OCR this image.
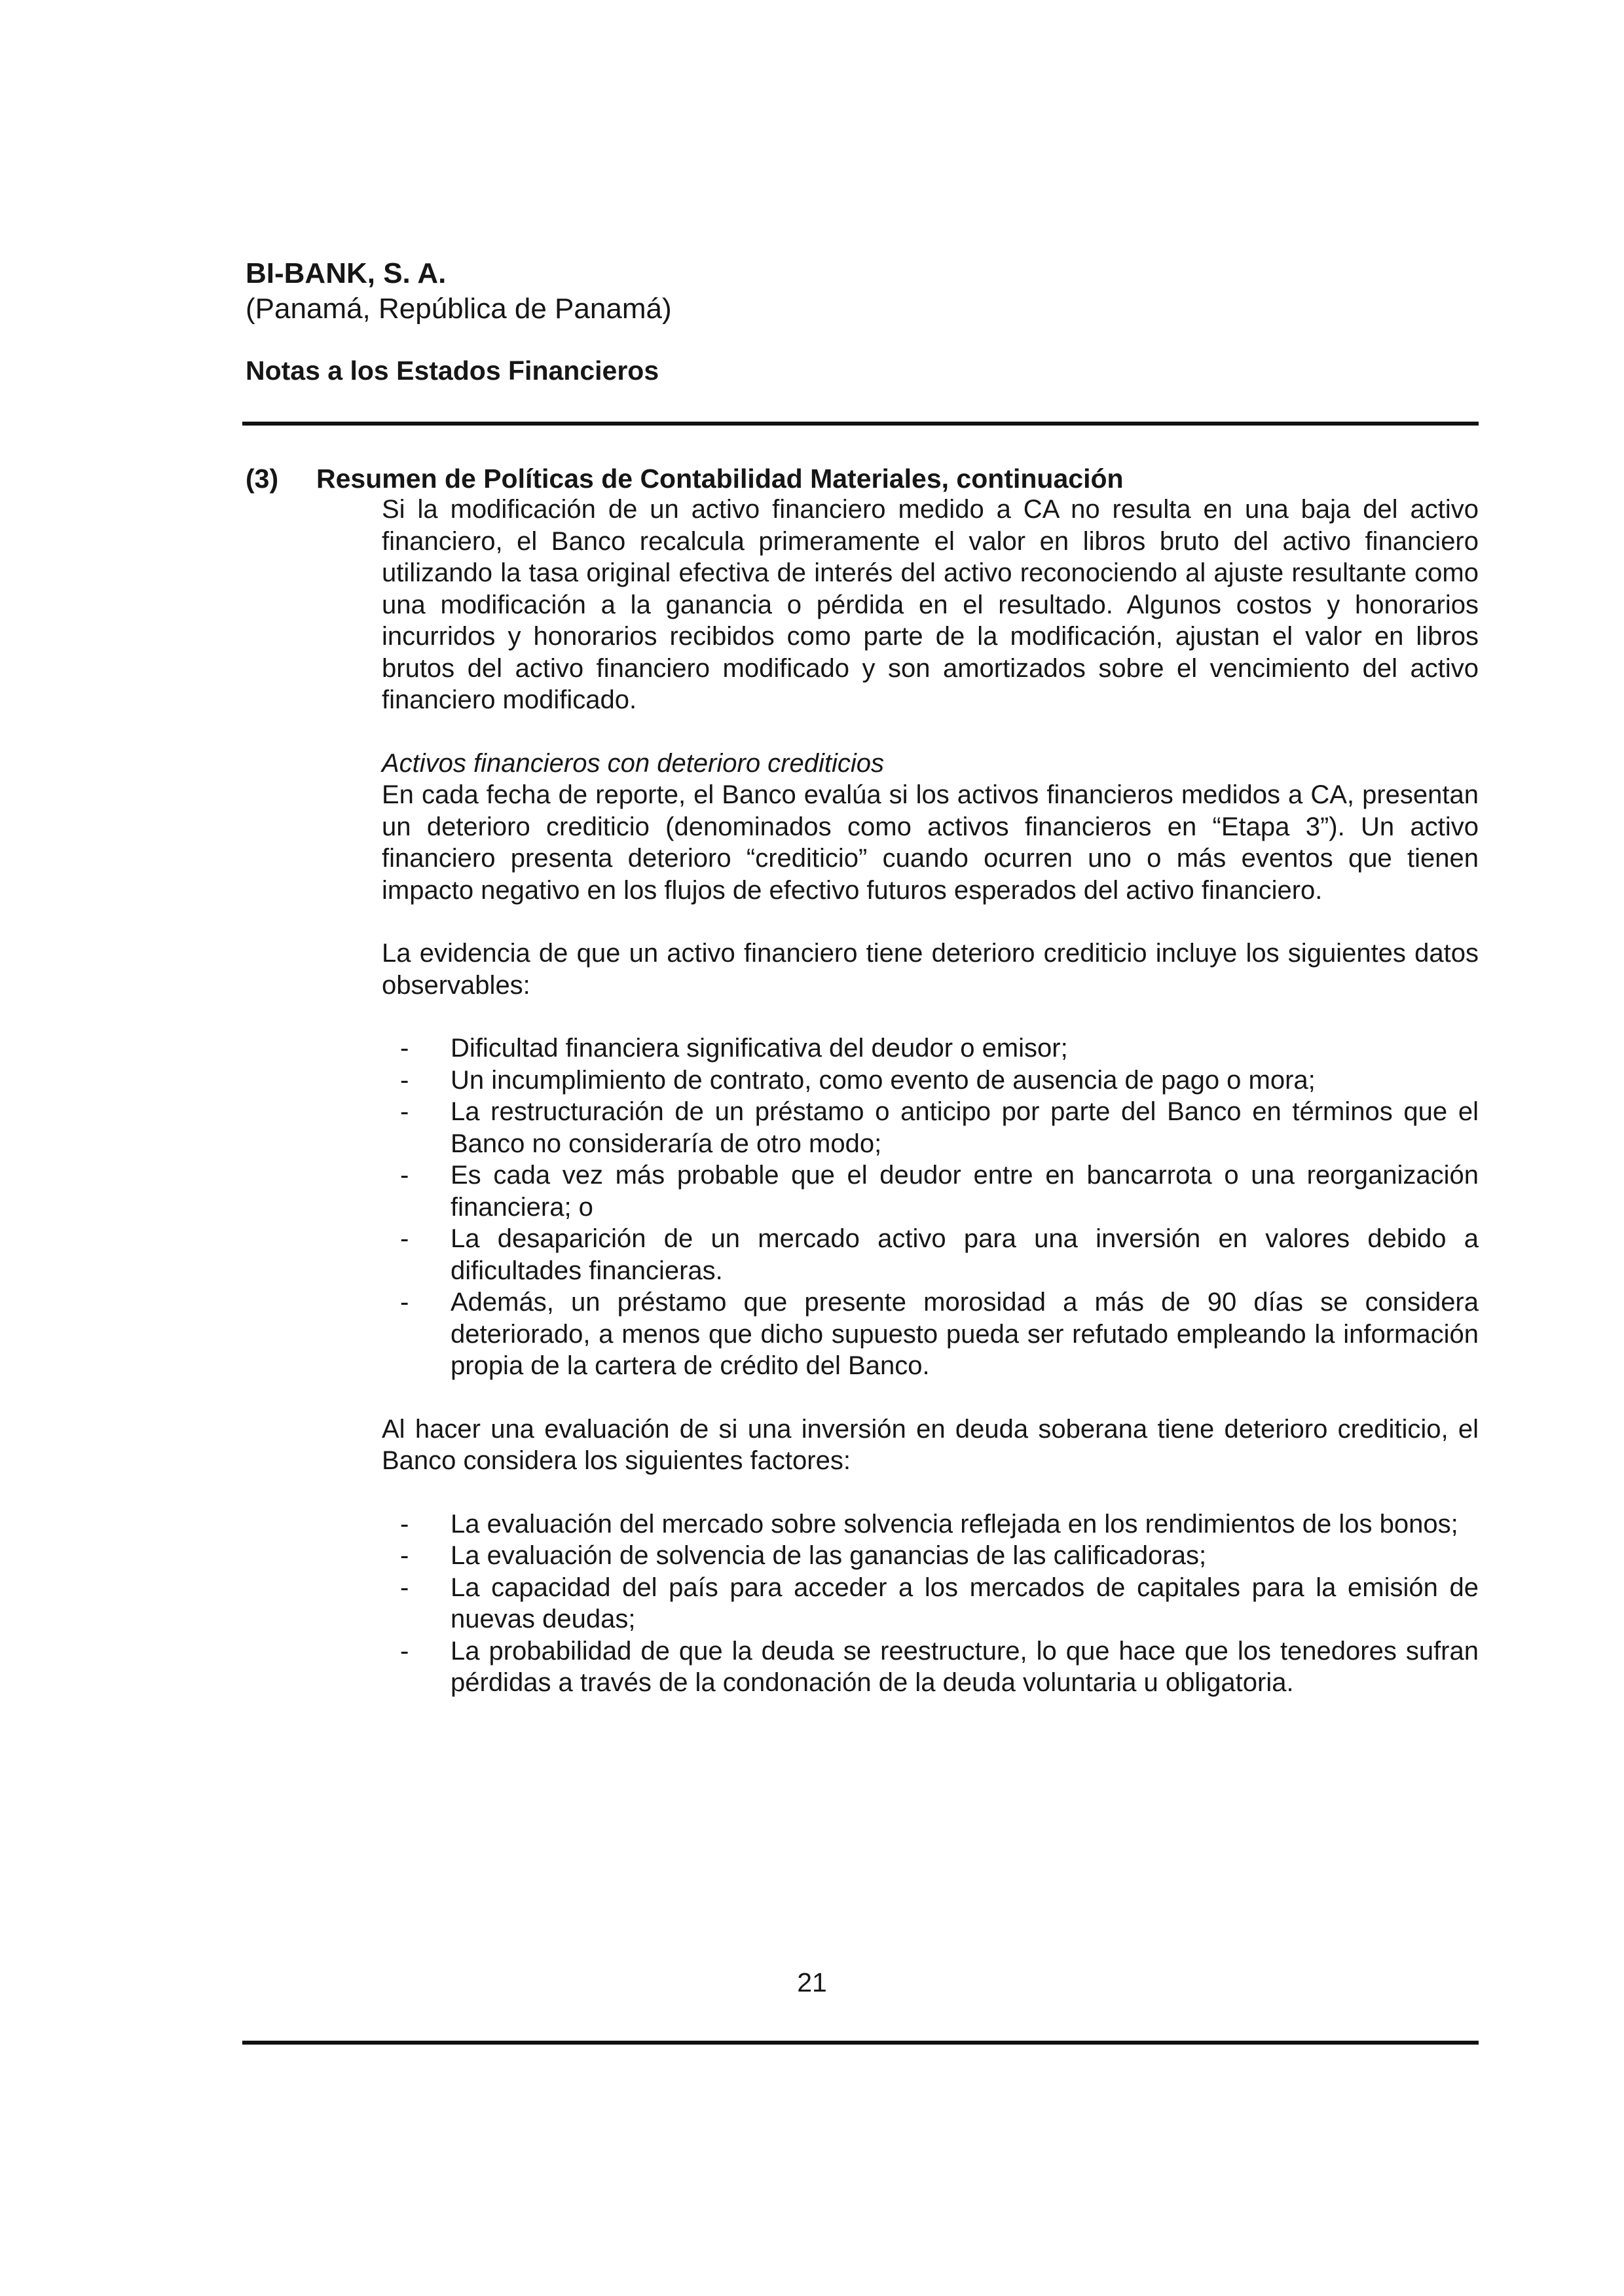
BI-BANK, S. A.
(Panamá, República de Panamá)
Notas a los Estados Financieros
(3) Resumen de Políticas de Contabilidad Materiales, continuación

Si la modificación de un activo financiero medido a CA no resulta en una baja del activo financiero, el Banco recalcula primeramente el valor en libros bruto del activo financiero utilizando la tasa original efectiva de interés del activo reconociendo al ajuste resultante como una modificación a la ganancia o pérdida en el resultado. Algunos costos y honorarios incurridos y honorarios recibidos como parte de la modificación, ajustan el valor en libros brutos del activo financiero modificado y son amortizados sobre el vencimiento del activo financiero modificado.

Activos financieros con deterioro crediticios

En cada fecha de reporte, el Banco evalúa si los activos financieros medidos a CA, presentan un deterioro crediticio (denominados como activos financieros en “Etapa 3”). Un activo financiero presenta deterioro “crediticio” cuando ocurren uno o más eventos que tienen impacto negativo en los flujos de efectivo futuros esperados del activo financiero.

La evidencia de que un activo financiero tiene deterioro crediticio incluye los siguientes datos observables:

- Dificultad financiera significativa del deudor o emisor;
- Un incumplimiento de contrato, como evento de ausencia de pago o mora;
- La restructuración de un préstamo o anticipo por parte del Banco en términos que el Banco no consideraría de otro modo;
- Es cada vez más probable que el deudor entre en bancarrota o una reorganización financiera; o
- La desaparición de un mercado activo para una inversión en valores debido a dificultades financieras.
- Además, un préstamo que presente morosidad a más de 90 días se considera deteriorado, a menos que dicho supuesto pueda ser refutado empleando la información propia de la cartera de crédito del Banco.

Al hacer una evaluación de si una inversión en deuda soberana tiene deterioro crediticio, el Banco considera los siguientes factores:

- La evaluación del mercado sobre solvencia reflejada en los rendimientos de los bonos;
- La evaluación de solvencia de las ganancias de las calificadoras;
- La capacidad del país para acceder a los mercados de capitales para la emisión de nuevas deudas;
- La probabilidad de que la deuda se reestructure, lo que hace que los tenedores sufran pérdidas a través de la condonación de la deuda voluntaria u obligatoria.
21
